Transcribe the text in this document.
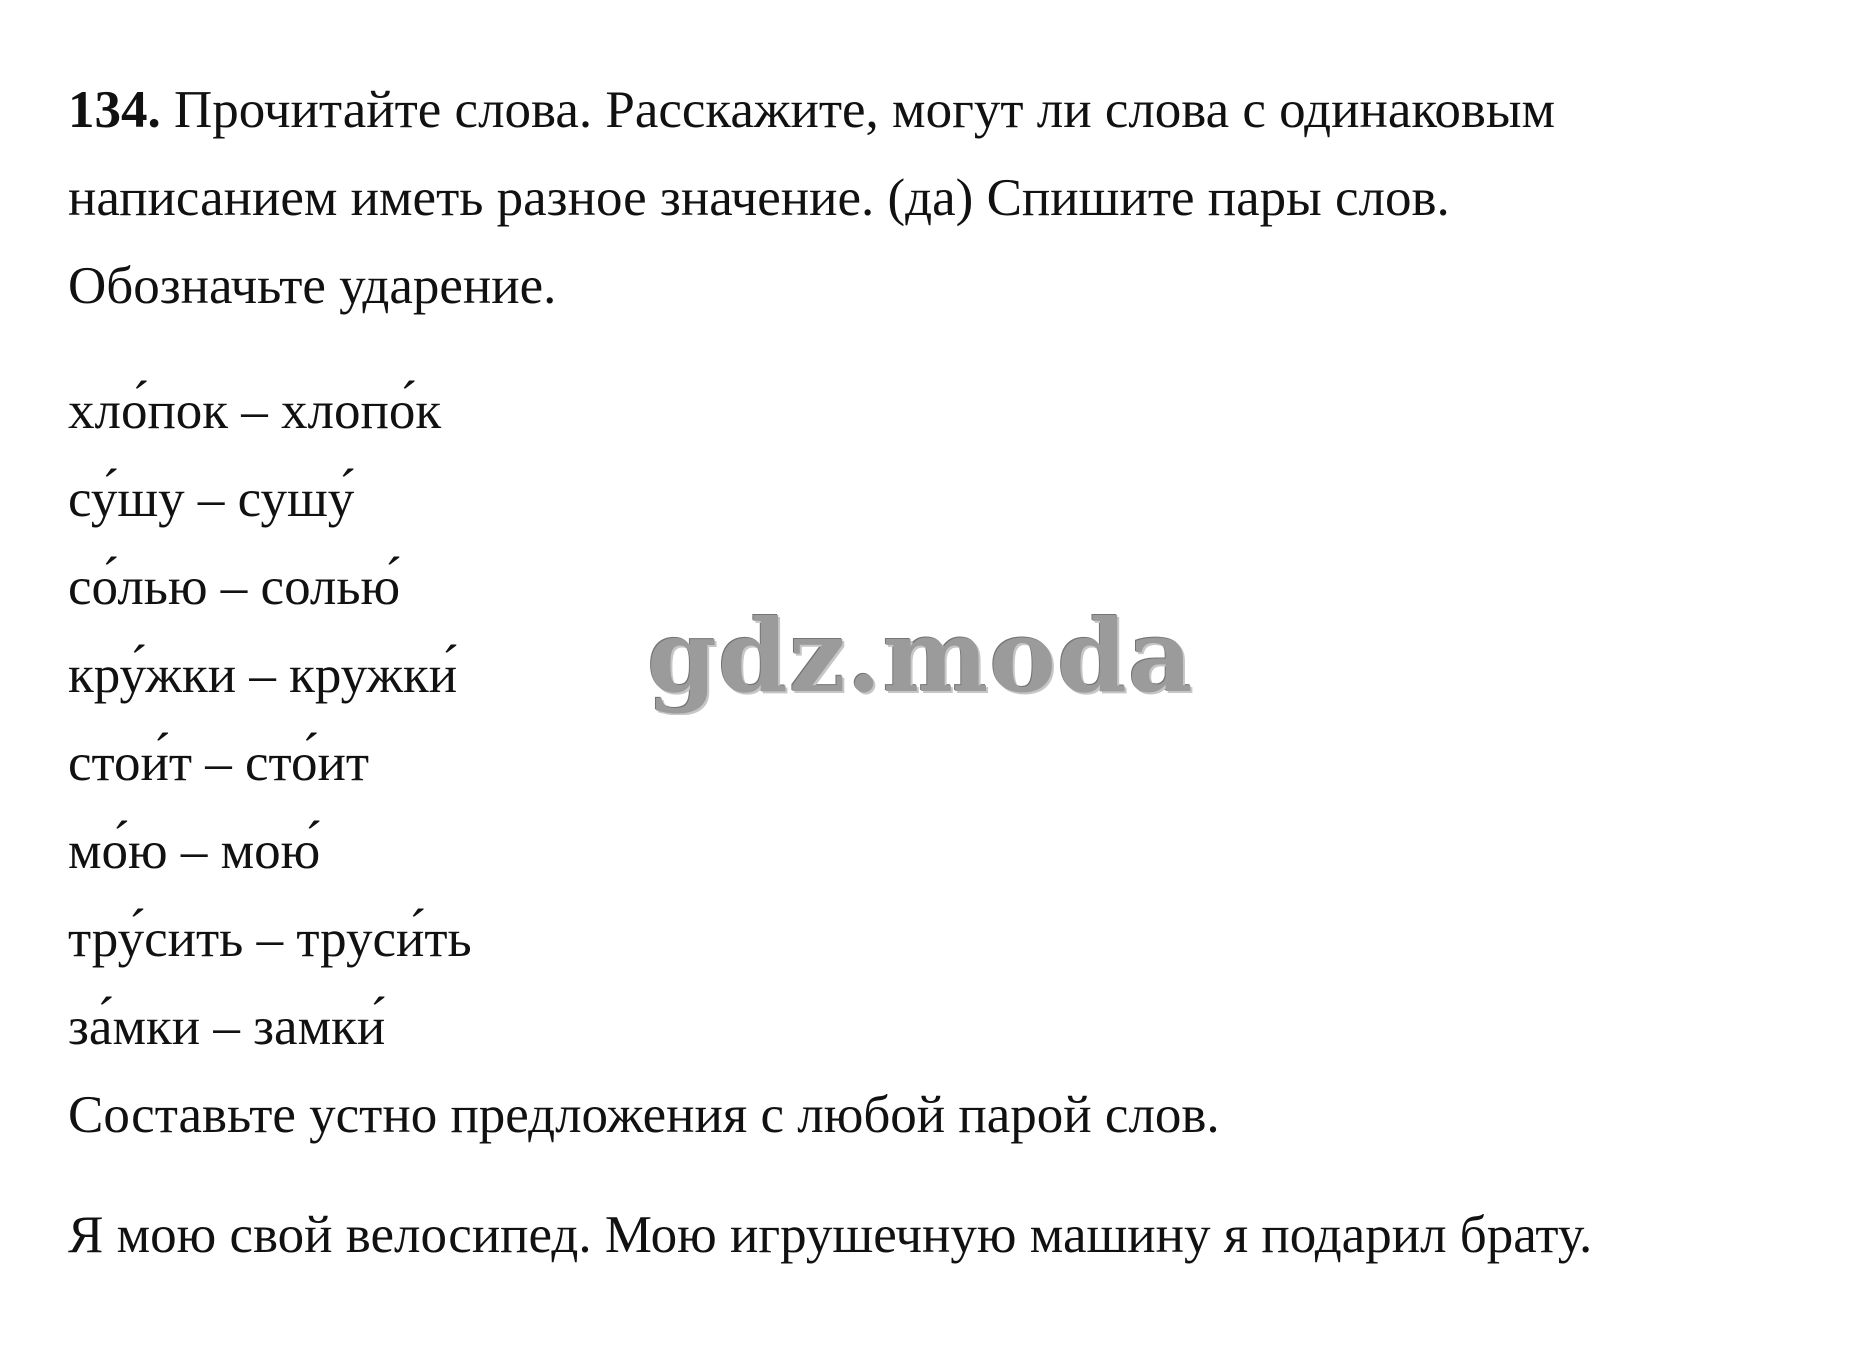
134. Прочитайте слова. Расскажите, могут ли слова с одинаковым
написанием иметь разное значение. (да) Спишите пары слов.
Обозначьте ударение.
хло́пок – хлопо́к
су́шу – сушу́
со́лью – солью́
кру́жки – кружки́
стои́т – сто́ит
мо́ю – мою́
тру́сить – труси́ть
за́мки – замки́

Составьте устно предложения с любой парой слов.

Я мою свой велосипед. Мою игрушечную машину я подарил брату.

gdz.moda
